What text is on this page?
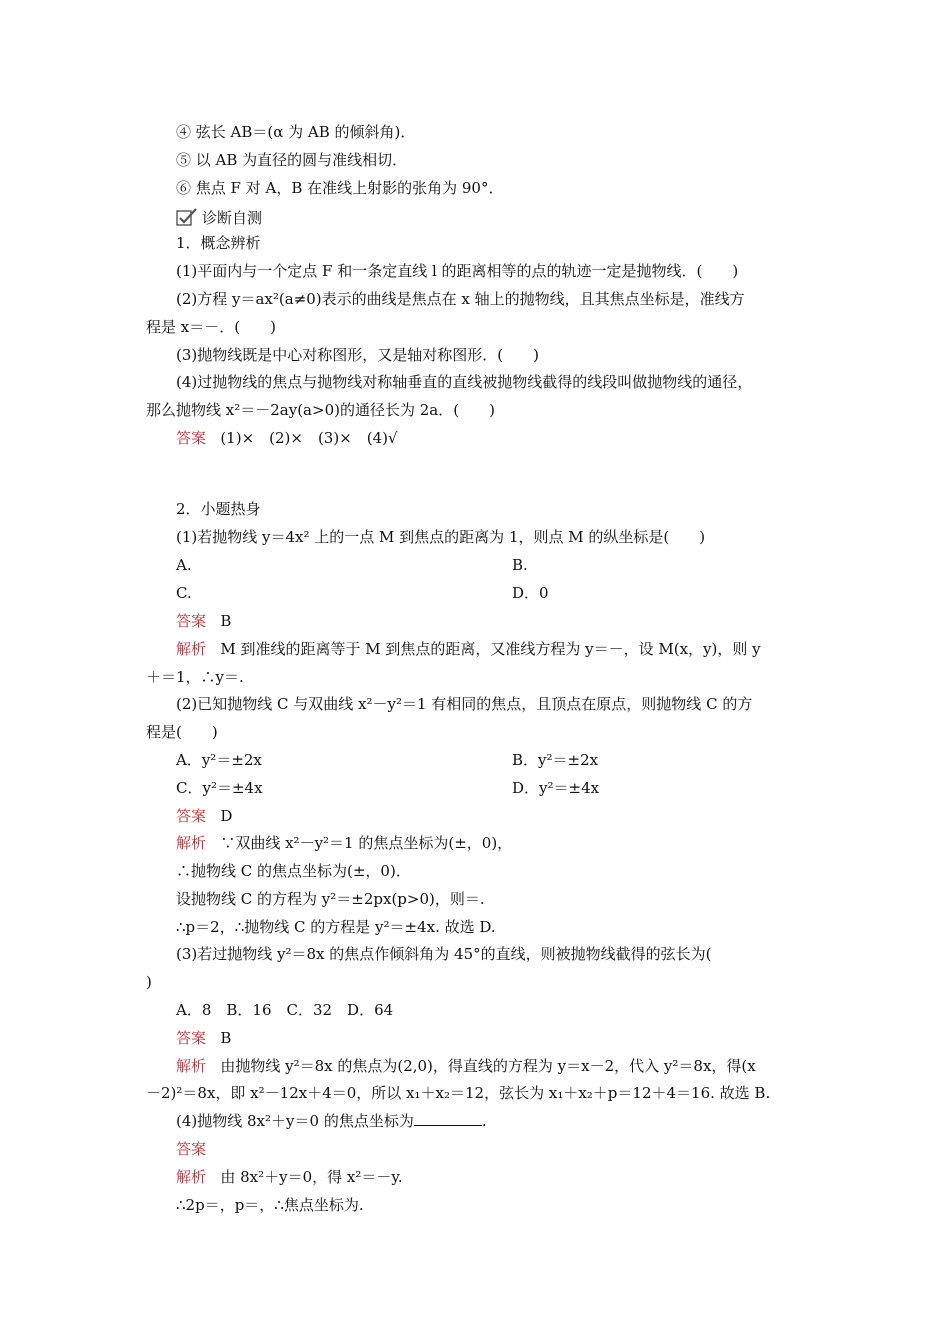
④ 弦长 AB＝(α 为 AB 的倾斜角)．
⑤ 以 AB 为直径的圆与准线相切．
⑥ 焦点 F 对 A，B 在准线上射影的张角为 90°．
诊断自测
1．概念辨析
(1)平面内与一个定点 F 和一条定直线 l 的距离相等的点的轨迹一定是抛物线．(　　)
(2)方程 y＝ax²(a≠0)表示的曲线是焦点在 x 轴上的抛物线，且其焦点坐标是，准线方
程是 x＝－．(　　)
(3)抛物线既是中心对称图形，又是轴对称图形．(　　)
(4)过抛物线的焦点与抛物线对称轴垂直的直线被抛物线截得的线段叫做抛物线的通径，
那么抛物线 x²＝－2ay(a>0)的通径长为 2a．(　　)
答案 (1)×　(2)×　(3)×　(4)√
2．小题热身
(1)若抛物线 y＝4x² 上的一点 M 到焦点的距离为 1，则点 M 的纵坐标是(　　)
A.	B.
C.	D．0
答案 B
解析 M 到准线的距离等于 M 到焦点的距离，又准线方程为 y＝－，设 M(x，y)，则 y
＋＝1，∴y＝.
(2)已知抛物线 C 与双曲线 x²－y²＝1 有相同的焦点，且顶点在原点，则抛物线 C 的方
程是(　　)
A．y²＝±2x	B．y²＝±2x
C．y²＝±4x	D．y²＝±4x
答案 D
解析 ∵双曲线 x²－y²＝1 的焦点坐标为(±，0)，
∴抛物线 C 的焦点坐标为(±，0)．
设抛物线 C 的方程为 y²＝±2px(p>0)，则＝.
∴p＝2，∴抛物线 C 的方程是 y²＝±4x. 故选 D.
(3)若过抛物线 y²＝8x 的焦点作倾斜角为 45°的直线，则被抛物线截得的弦长为(
)
A．8　B．16　C．32　D．64
答案 B
解析 由抛物线 y²＝8x 的焦点为(2,0)，得直线的方程为 y＝x－2，代入 y²＝8x，得(x
－2)²＝8x，即 x²－12x＋4＝0，所以 x₁＋x₂＝12，弦长为 x₁＋x₂＋p＝12＋4＝16. 故选 B.
(4)抛物线 8x²＋y＝0 的焦点坐标为	.
答案
解析 由 8x²＋y＝0，得 x²＝－y.
∴2p＝，p＝，∴焦点坐标为.
